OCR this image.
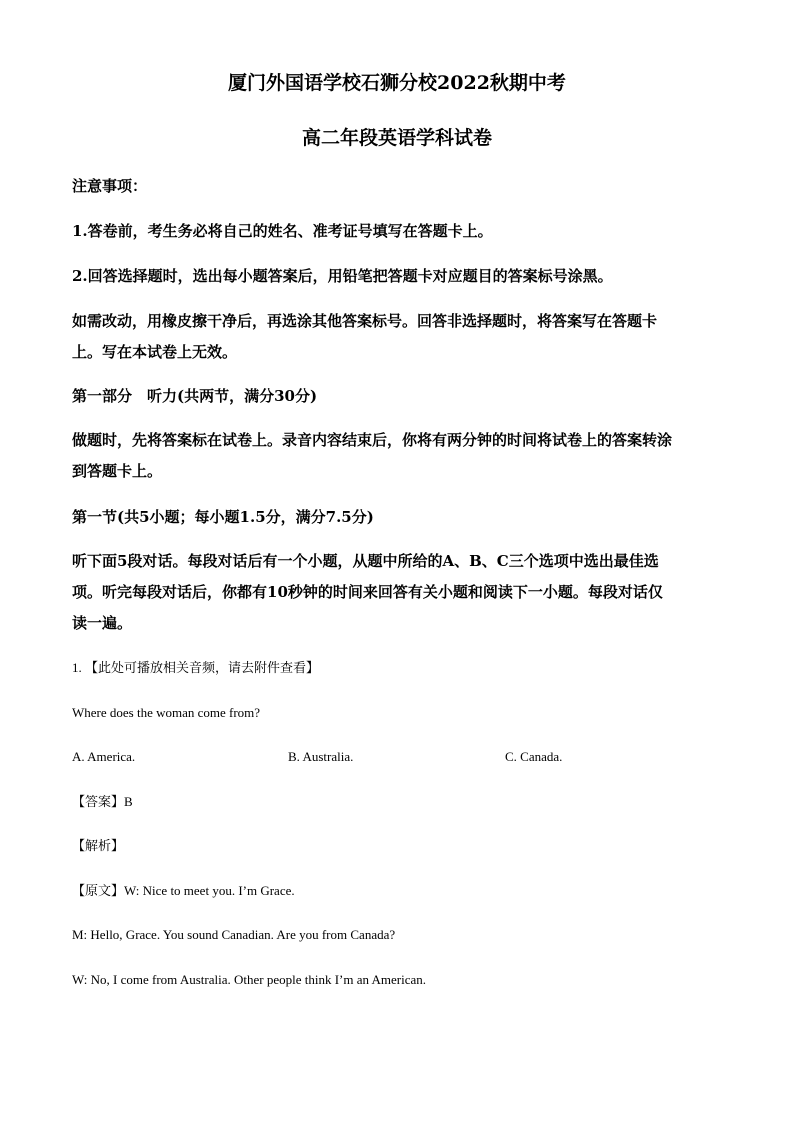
厦门外国语学校石狮分校2022秋期中考
高二年段英语学科试卷

注意事项：

1.答卷前，考生务必将自己的姓名、准考证号填写在答题卡上。

2.回答选择题时，选出每小题答案后，用铅笔把答题卡对应题目的答案标号涂黑。

如需改动，用橡皮擦干净后，再选涂其他答案标号。回答非选择题时，将答案写在答题卡

上。写在本试卷上无效。

第一部分　听力(共两节，满分30分)

做题时，先将答案标在试卷上。录音内容结束后，你将有两分钟的时间将试卷上的答案转涂

到答题卡上。

第一节(共5小题；每小题1.5分，满分7.5分)

听下面5段对话。每段对话后有一个小题，从题中所给的A、B、C三个选项中选出最佳选

项。听完每段对话后，你都有10秒钟的时间来回答有关小题和阅读下一小题。每段对话仅

读一遍。

1. 【此处可播放相关音频，请去附件查看】

Where does the woman come from?

A. America.	B. Australia.	C. Canada.

【答案】B

【解析】

【原文】W: Nice to meet you. I’m Grace.

M: Hello, Grace. You sound Canadian. Are you from Canada?

W: No, I come from Australia. Other people think I’m an American.
